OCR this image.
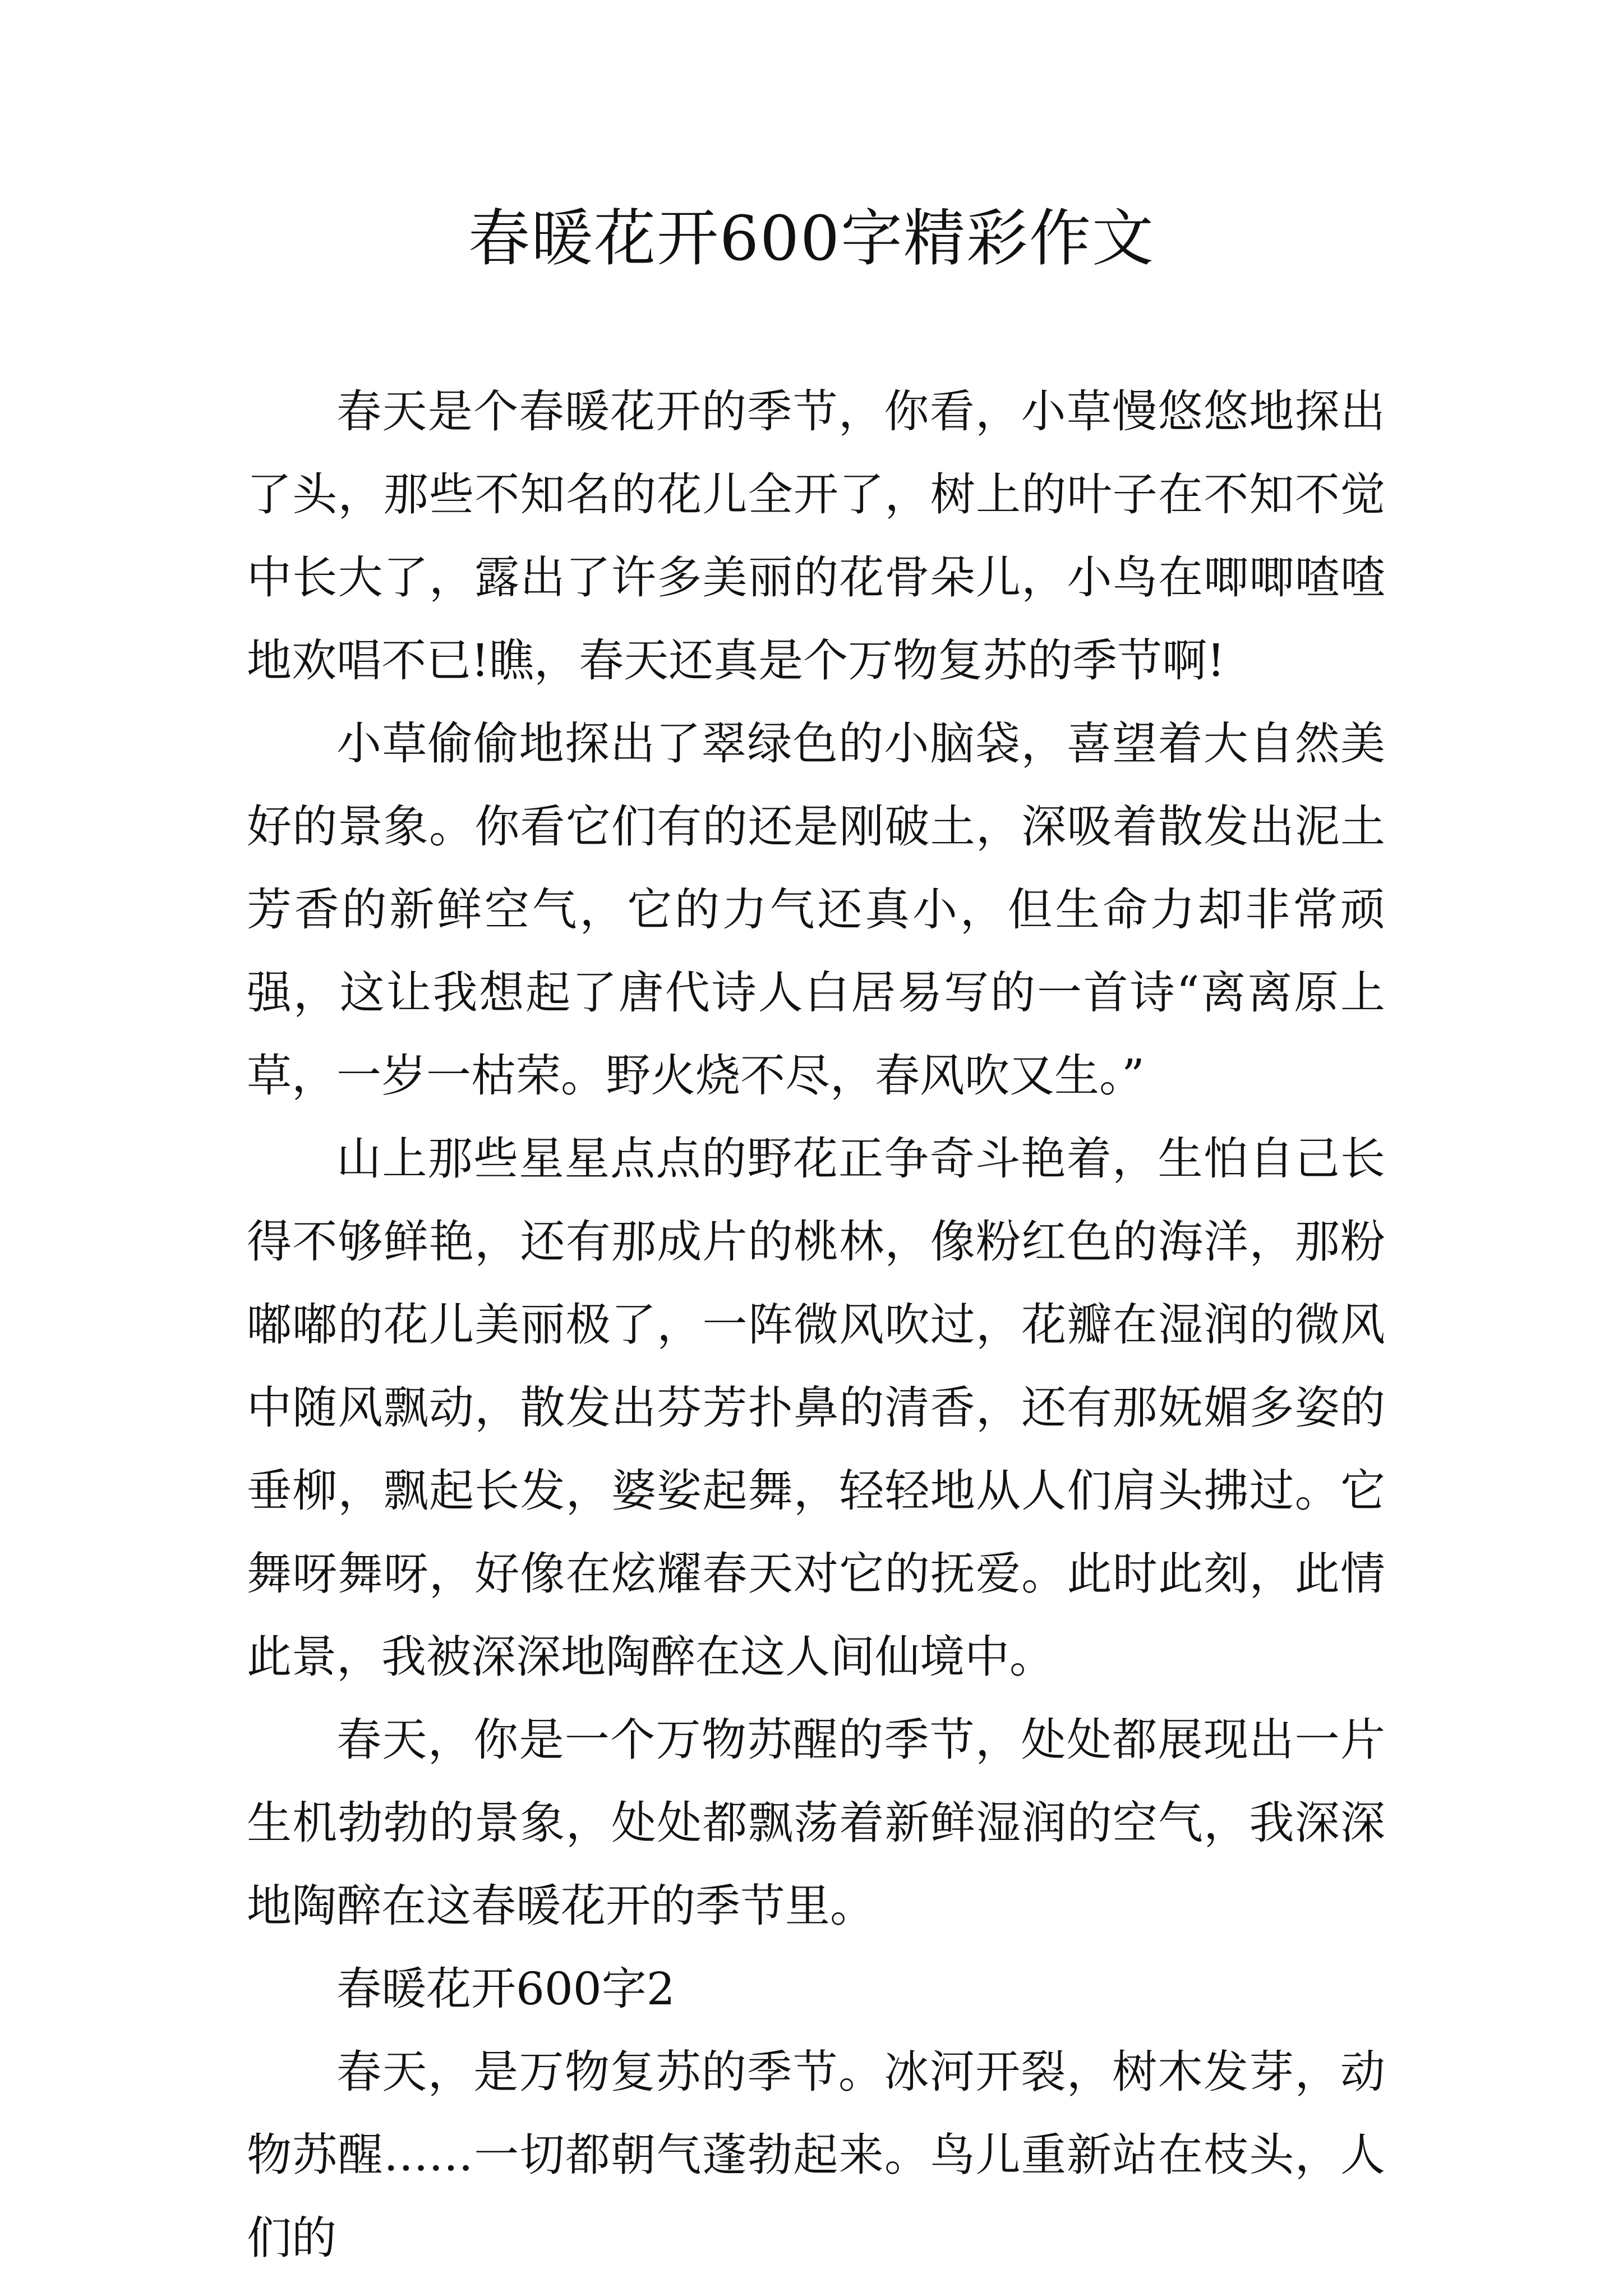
春暖花开600字精彩作文

春天是个春暖花开的季节，你看，小草慢悠悠地探出了头，那些不知名的花儿全开了，树上的叶子在不知不觉中长大了，露出了许多美丽的花骨朵儿，小鸟在唧唧喳喳地欢唱不已!瞧，春天还真是个万物复苏的季节啊!

小草偷偷地探出了翠绿色的小脑袋，喜望着大自然美好的景象。你看它们有的还是刚破土，深吸着散发出泥土芳香的新鲜空气，它的力气还真小，但生命力却非常顽强，这让我想起了唐代诗人白居易写的一首诗“离离原上草，一岁一枯荣。野火烧不尽，春风吹又生。”

山上那些星星点点的野花正争奇斗艳着，生怕自己长得不够鲜艳，还有那成片的桃林，像粉红色的海洋，那粉嘟嘟的花儿美丽极了，一阵微风吹过，花瓣在湿润的微风中随风飘动，散发出芬芳扑鼻的清香，还有那妩媚多姿的垂柳，飘起长发，婆娑起舞，轻轻地从人们肩头拂过。它舞呀舞呀，好像在炫耀春天对它的抚爱。此时此刻，此情此景，我被深深地陶醉在这人间仙境中。

春天，你是一个万物苏醒的季节，处处都展现出一片生机勃勃的景象，处处都飘荡着新鲜湿润的空气，我深深地陶醉在这春暖花开的季节里。

春暖花开600字2

春天，是万物复苏的季节。冰河开裂，树木发芽，动物苏醒……一切都朝气蓬勃起来。鸟儿重新站在枝头，人们的
